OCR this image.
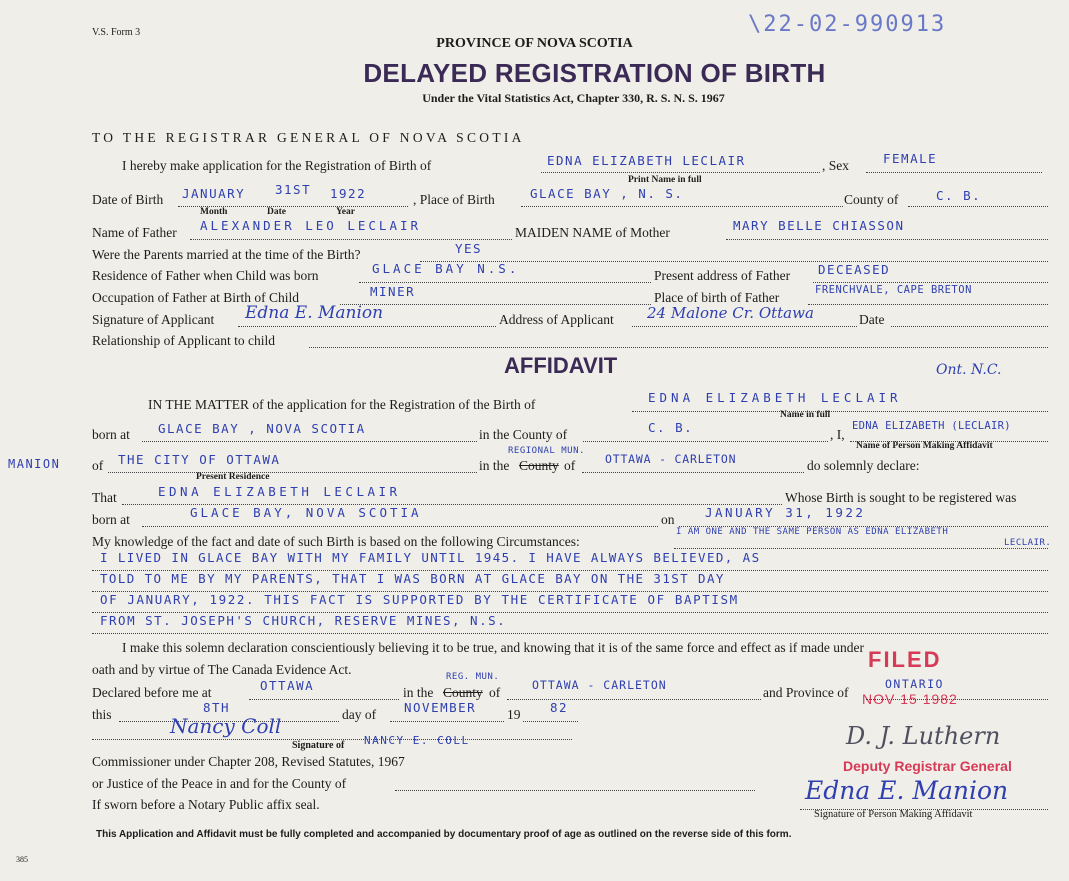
V.S. Form 3	\22-02-990913
PROVINCE OF NOVA SCOTIA
DELAYED REGISTRATION OF BIRTH
Under the Vital Statistics Act, Chapter 330, R. S. N. S. 1967
TO THE REGISTRAR GENERAL OF NOVA SCOTIA
I hereby make application for the Registration of Birth of	EDNA ELIZABETH LECLAIR
Print Name in full
, Sex	FEMALE
Date of Birth JANUARY 31ST 1922
Month	Date	Year
, Place of Birth	GLACE BAY , N. S.	County of	C. B.
Name of Father ALEXANDER LEO LECLAIR	MAIDEN NAME of Mother	MARY BELLE CHIASSON
Were the Parents married at the time of the Birth?	YES
Residence of Father when Child was born	GLACE BAY N.S.	Present address of Father DECEASED
Occupation of Father at Birth of Child	MINER	Place of birth of Father	FRENCHVALE, CAPE BRETON
Signature of Applicant Edna E. Manion	Address of Applicant 24 Malone Cr. Ottawa	Date
Relationship of Applicant to child
AFFIDAVIT	Ont. N.C.
IN THE MATTER of the application for the Registration of the Birth of	EDNA ELIZABETH LECLAIR
Name in full
born at GLACE BAY , NOVA SCOTIA	in the County of	C. B.	, I,
EDNA ELIZABETH (LECLAIR)
Name of Person Making Affidavit
MANION of THE CITY OF OTTAWA
Present Residence
in the County
REGIONAL MUN.
of	OTTAWA - CARLETON	do solemnly declare:
That	EDNA ELIZABETH LECLAIR	Whose Birth is sought to be registered was
born at	GLACE BAY, NOVA SCOTIA	on JANUARY 31, 1922
My knowledge of the fact and date of such Birth is based on the following Circumstances:
I AM ONE AND THE SAME PERSON AS EDNA ELIZABETH
LECLAIR.
I LIVED IN GLACE BAY WITH MY FAMILY UNTIL 1945. I HAVE ALWAYS BELIEVED, AS
TOLD TO ME BY MY PARENTS, THAT I WAS BORN AT GLACE BAY ON THE 31ST DAY
OF JANUARY, 1922. THIS FACT IS SUPPORTED BY THE CERTIFICATE OF BAPTISM
FROM ST. JOSEPH'S CHURCH, RESERVE MINES, N.S.
I make this solemn declaration conscientiously believing it to be true, and knowing that it is of the same force and effect as if made under
oath and by virtue of The Canada Evidence Act.	FILED
NOV 15 1982
Declared before me at	OTTAWA	in the County
REG. MUN.
of	OTTAWA - CARLETON	and Province of
ONTARIO
this	8TH	day of NOVEMBER 19 82
Nancy Coll
Signature of NANCY E. COLL	D. J. Luthern
Deputy Registrar General
Commissioner under Chapter 208, Revised Statutes, 1967
or Justice of the Peace in and for the County of
If sworn before a Notary Public affix seal.	Edna E. Manion
Signature of Person Making Affidavit
This Application and Affidavit must be fully completed and accompanied by documentary proof of age as outlined on the reverse side of this form.
385
